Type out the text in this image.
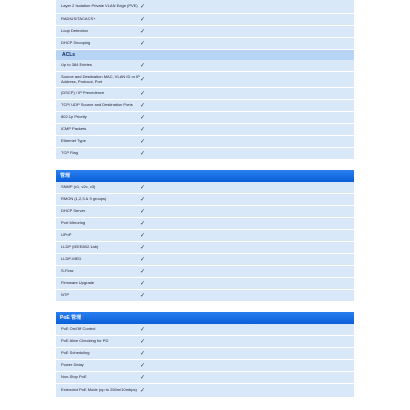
Layer 2 Isolation Private VLAN Edge (PVE) ✓
RADIUS/TACACS+	✓
Loop Detection	✓
DHCP Snooping	✓
ACLs
Up to 384 Entries	✓
Source and Destination MAC, VLAN ID or IP Address, Protocol, Port	✓
(DSCP) / IP Precedence	✓
TCP/ UDP Source and Destination Ports	✓
802.1p Priority	✓
ICMP Packets	✓
Ethernet Type	✓
TCP Flag	✓
管理
SNMP (v1, v2c, v3)	✓
RMON (1,2,3 & 9 groups)	✓
DHCP Server	✓
Port Mirroring	✓
UPnP	✓
LLDP (IEEE802.1ab)	✓
LLDP-MED	✓
S-Flow	✓
Firmware Upgrade	✓
NTP	✓
PoE 管理
PoE On/Off Control	✓
PoE Alive Checking for PD	✓
PoE Scheduling	✓
Power Delay	✓
Non-Stop PoE	✓
Extended PoE Mode (up to 250m/10mbps) ✓
